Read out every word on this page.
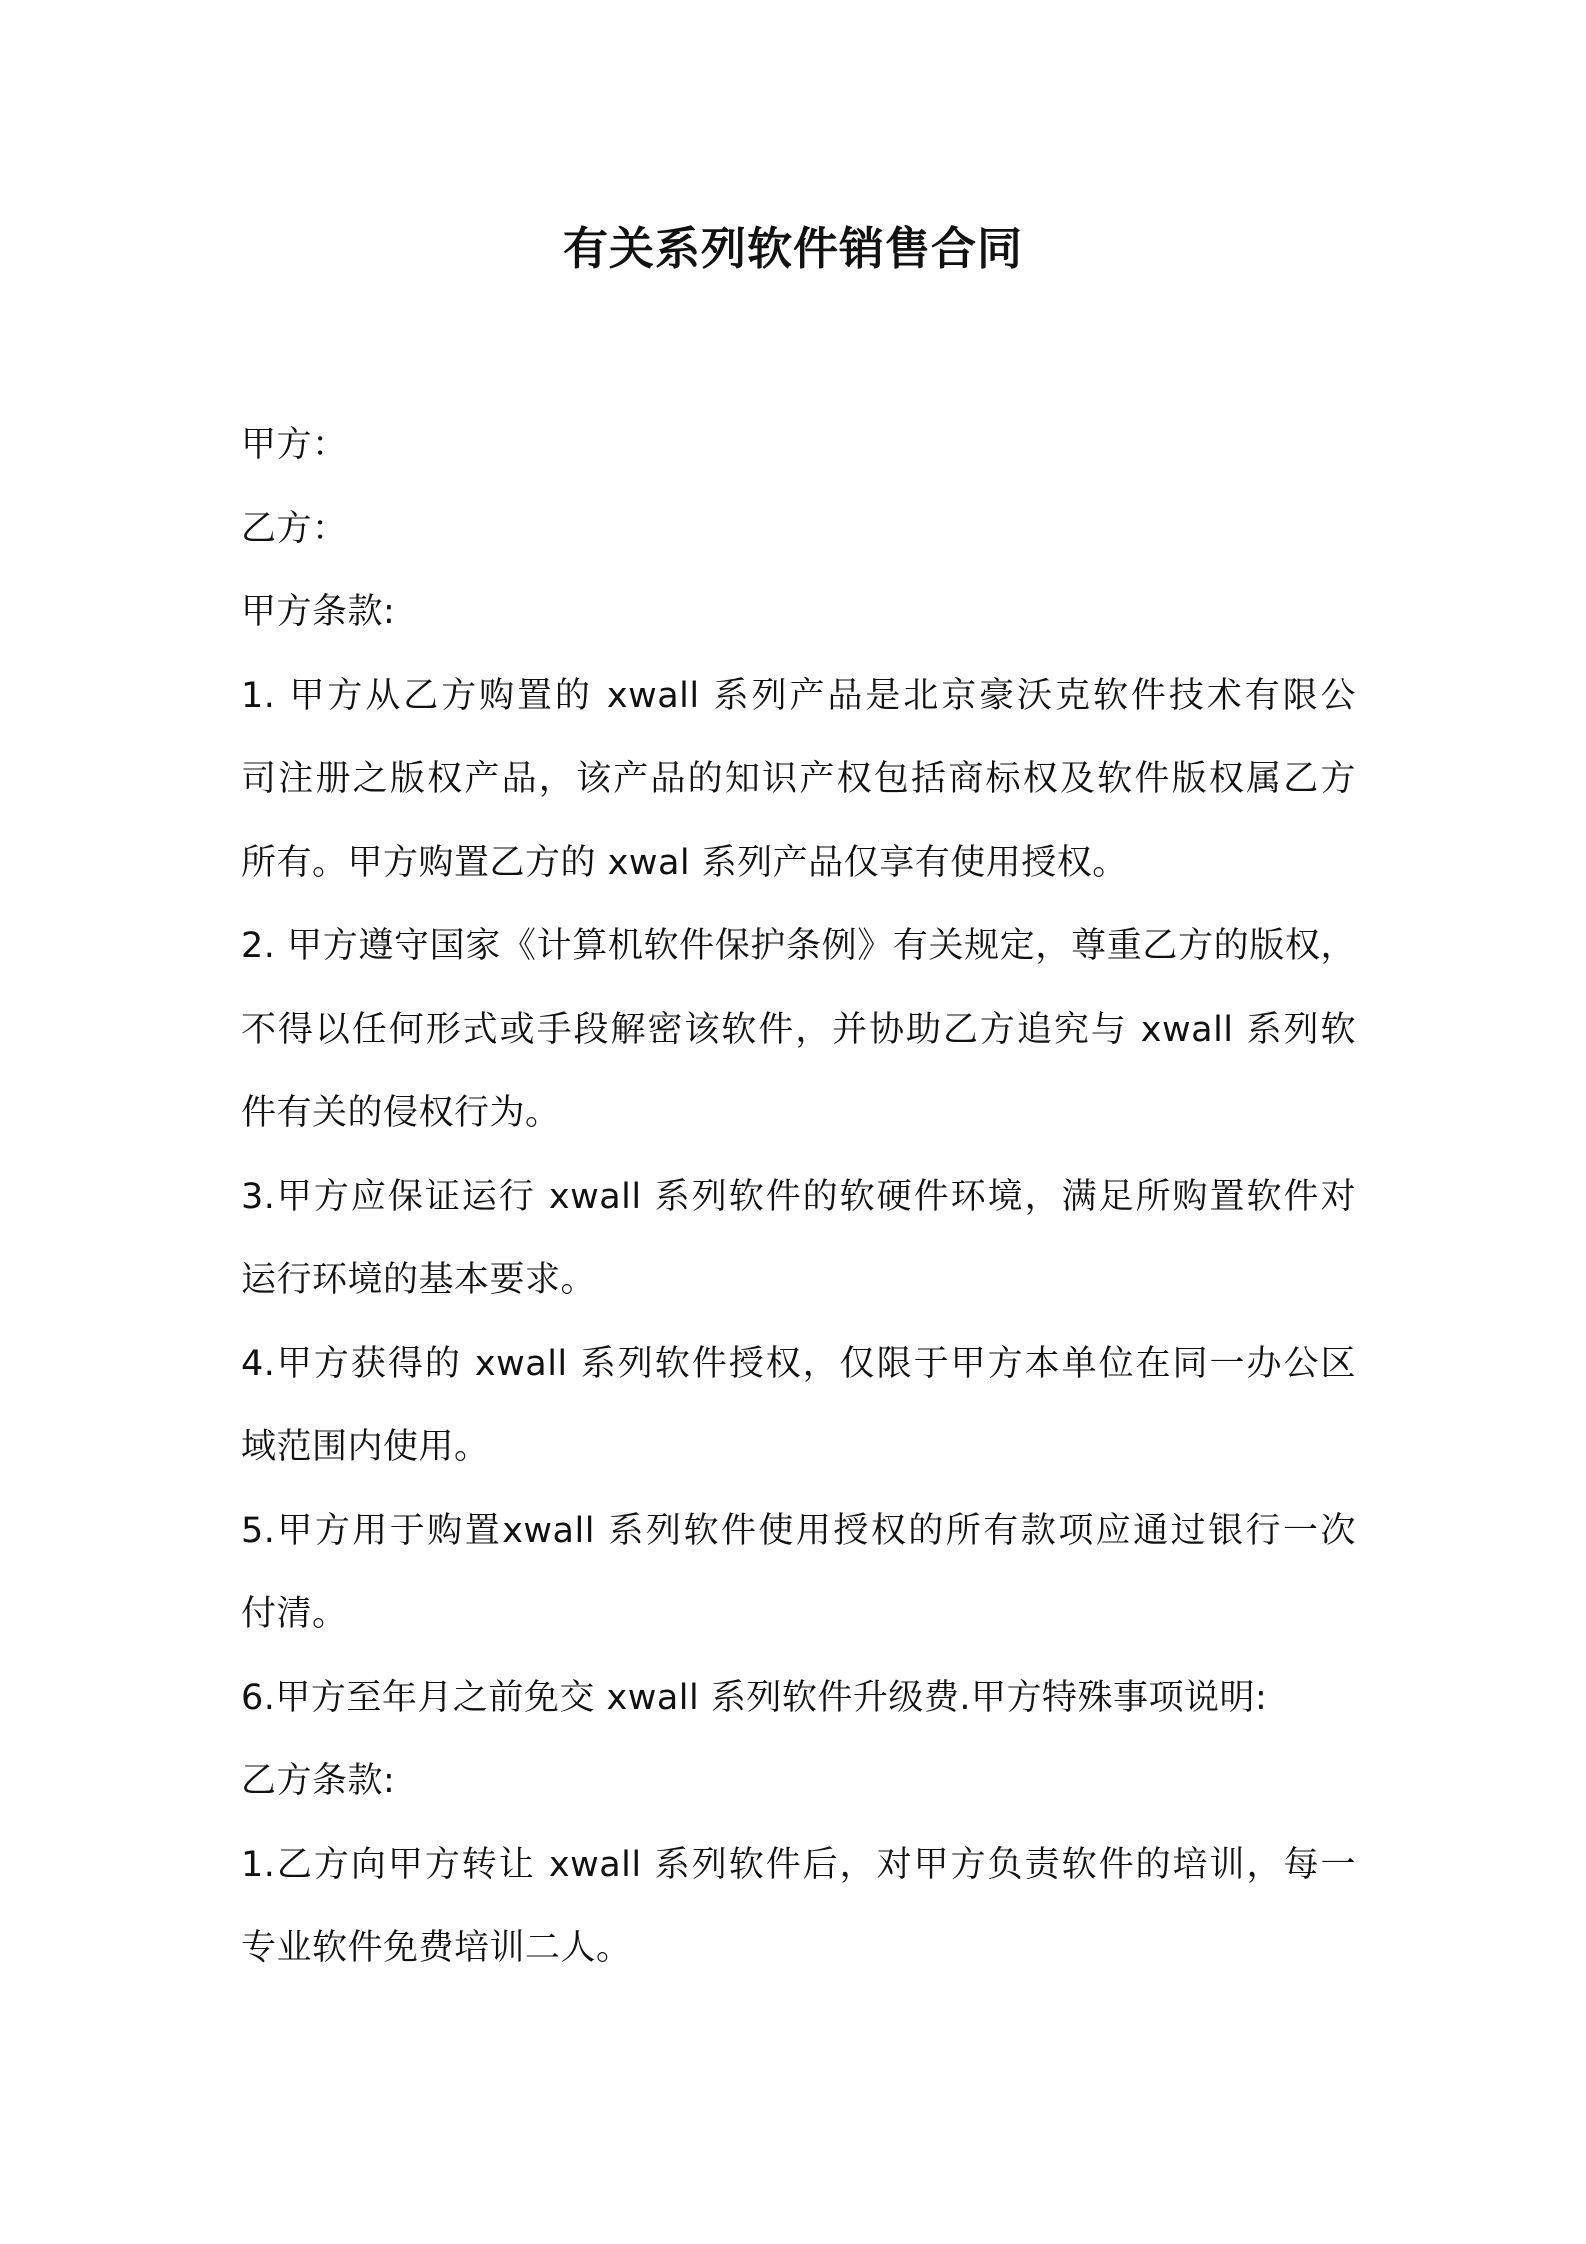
有关系列软件销售合同
甲方：
乙方：
甲方条款:
1. 甲方从乙方购置的 xwall 系列产品是北京豪沃克软件技术有限公
司注册之版权产品，该产品的知识产权包括商标权及软件版权属乙方
所有。甲方购置乙方的 xwal 系列产品仅享有使用授权。
2. 甲方遵守国家《计算机软件保护条例》有关规定，尊重乙方的版权，
不得以任何形式或手段解密该软件，并协助乙方追究与 xwall 系列软
件有关的侵权行为。
3.甲方应保证运行 xwall 系列软件的软硬件环境，满足所购置软件对
运行环境的基本要求。
4.甲方获得的 xwall 系列软件授权，仅限于甲方本单位在同一办公区
域范围内使用。
5.甲方用于购置xwall 系列软件使用授权的所有款项应通过银行一次
付清。
6.甲方至年月之前免交 xwall 系列软件升级费.甲方特殊事项说明:
乙方条款:
1.乙方向甲方转让 xwall 系列软件后，对甲方负责软件的培训，每一
专业软件免费培训二人。
